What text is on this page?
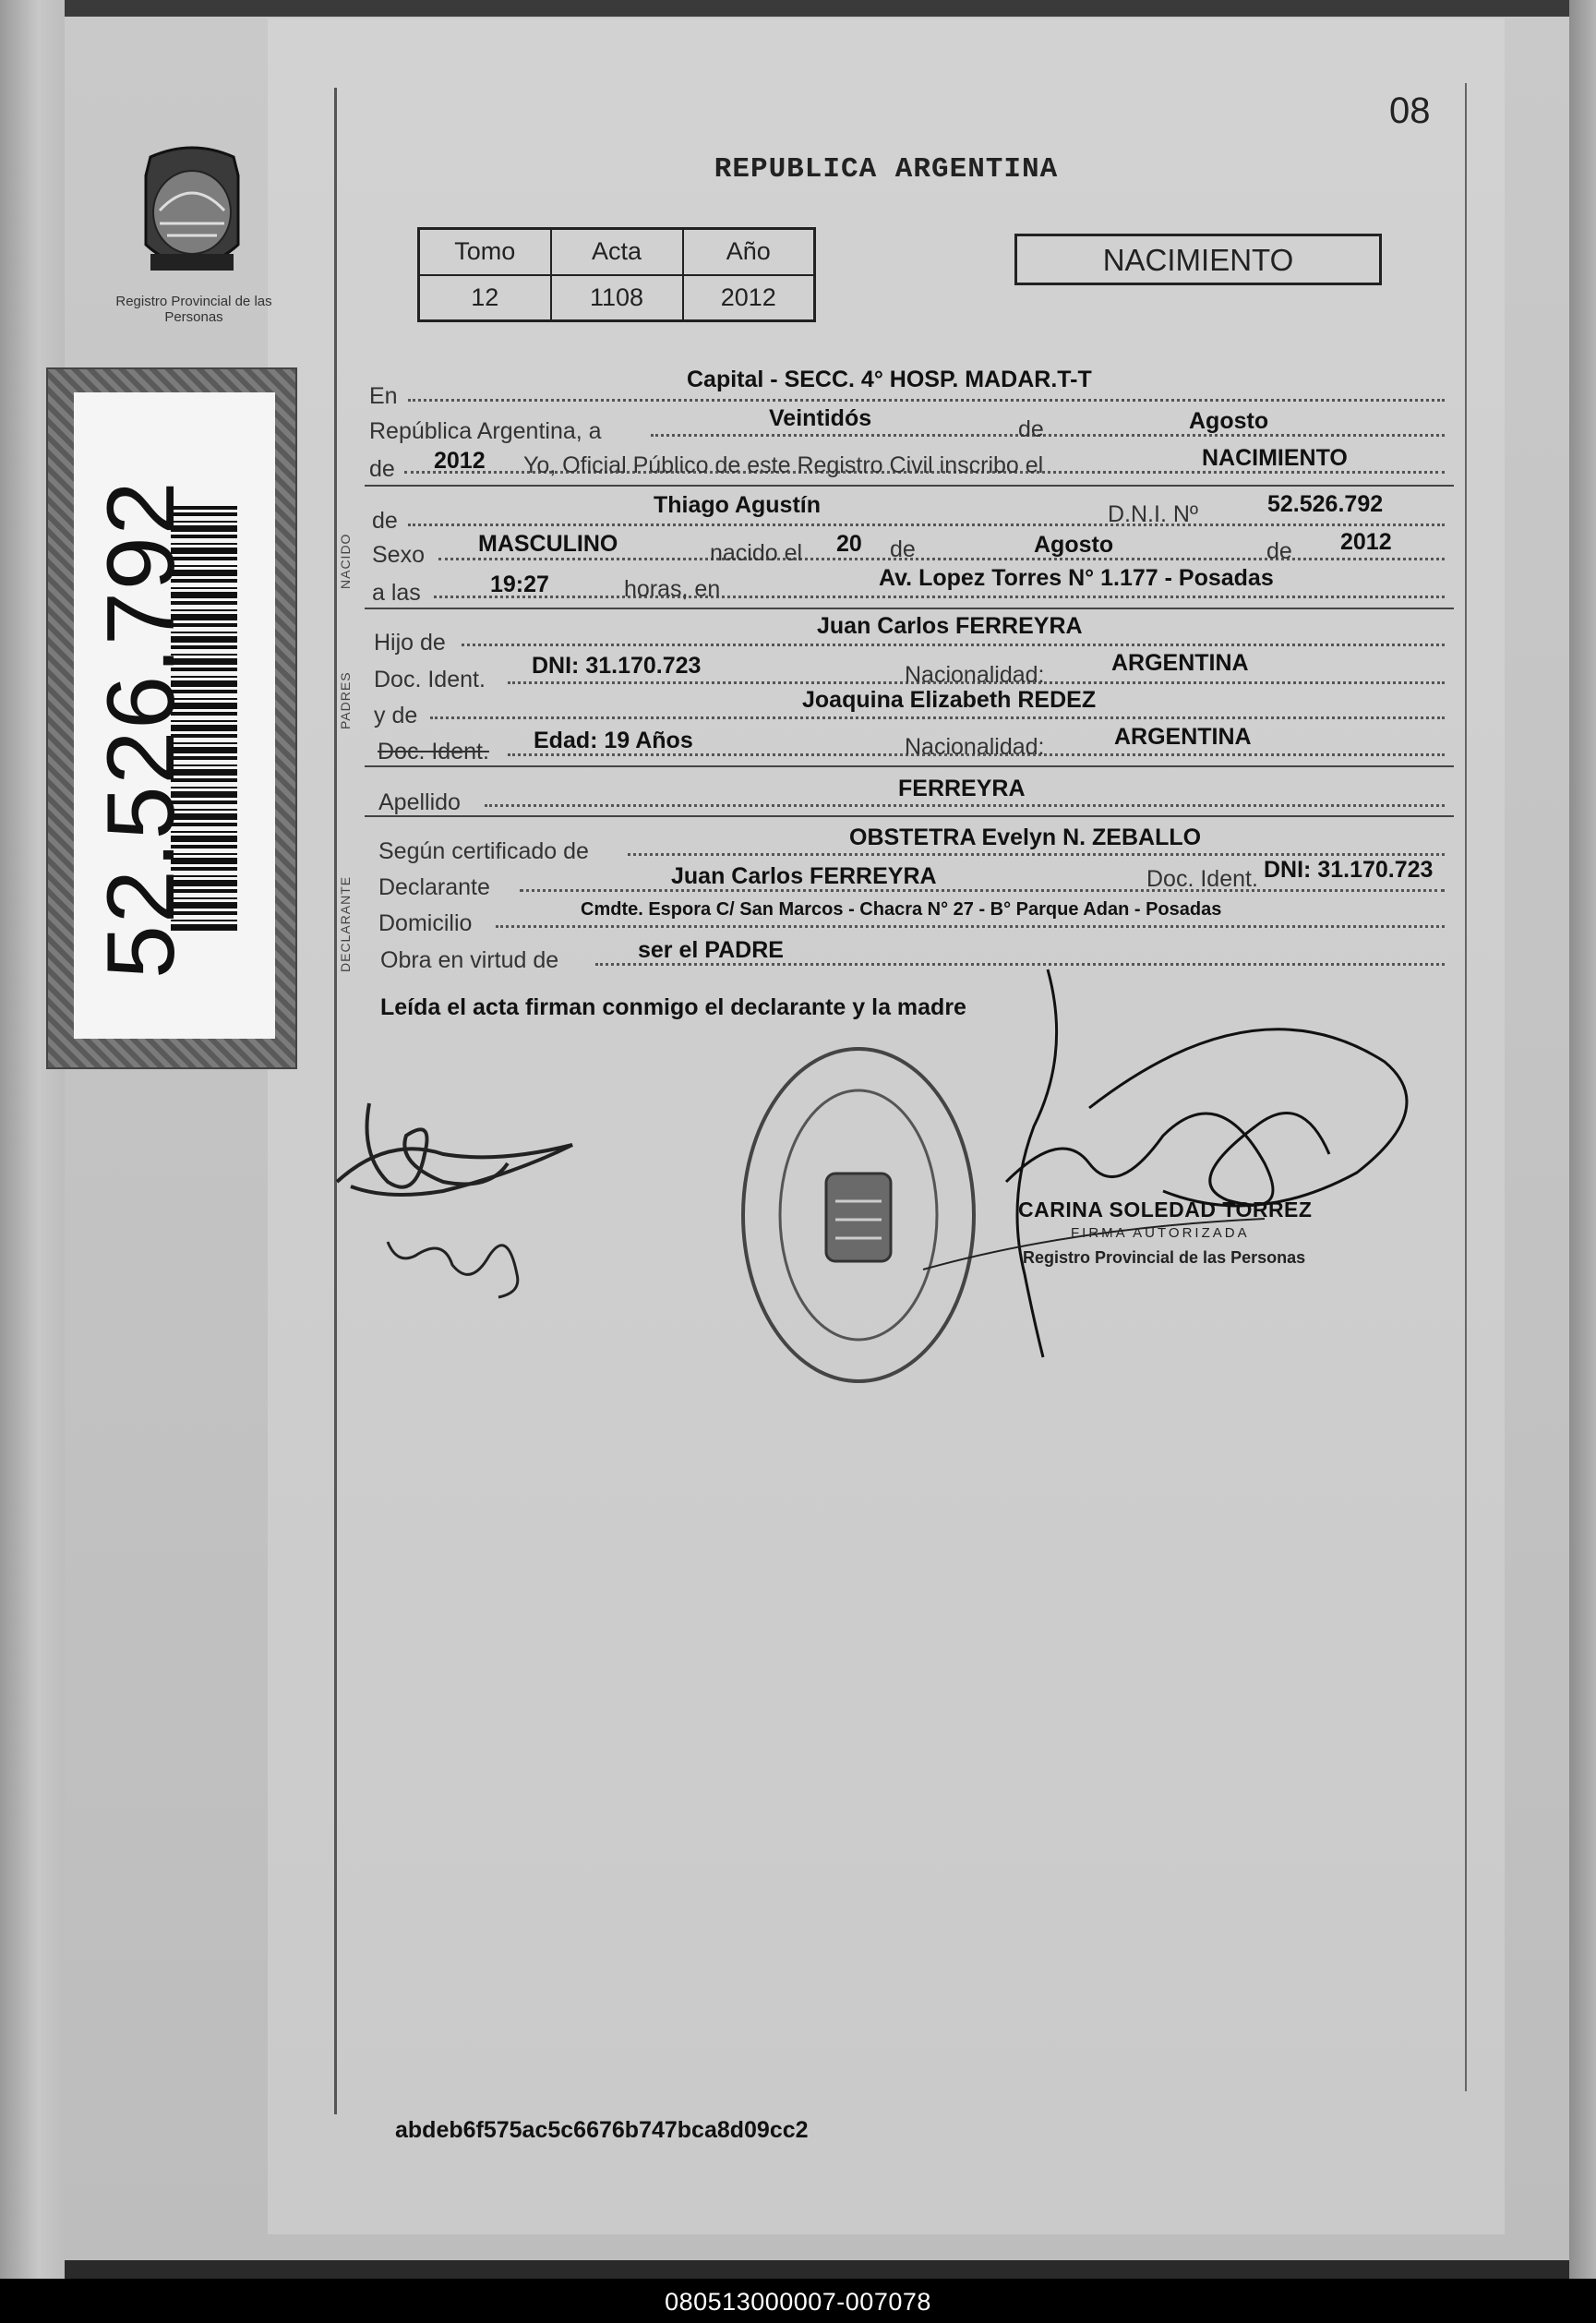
Registro Provincial de las Personas
52.526.792
08
REPUBLICA ARGENTINA
Tomo	Acta	Año
12	1108	2012
NACIMIENTO
En
Capital - SECC. 4° HOSP. MADAR.T-T
República Argentina, a	Veintidós	de	Agosto
de 2012 Yo, Oficial Público de este Registro Civil inscribo el	NACIMIENTO
NACIDO
de
Thiago Agustín	D.N.I. Nº	52.526.792
Sexo MASCULINO	nacido el 20 de	Agosto	de 2012
a las	19:27	horas, en	Av. Lopez Torres N° 1.177 - Posadas
PADRES
Hijo de
Juan Carlos FERREYRA
Doc. Ident.
DNI: 31.170.723	Nacionalidad:	ARGENTINA
y de
Joaquina Elizabeth REDEZ
Doc. Ident. Edad: 19 Años	Nacionalidad:	ARGENTINA
Apellido
FERREYRA
DECLARANTE
Según certificado de
OBSTETRA Evelyn N. ZEBALLO
Declarante	Juan Carlos FERREYRA	Doc. Ident. DNI: 31.170.723
Domicilio
Cmdte. Espora C/ San Marcos - Chacra N° 27 - B° Parque Adan - Posadas
Obra en virtud de	ser el PADRE
Leída el acta firman conmigo el declarante y la madre
CARINA SOLEDAD TORREZ
FIRMA AUTORIZADA
Registro Provincial de las Personas
abdeb6f575ac5c6676b747bca8d09cc2
080513000007-007078
